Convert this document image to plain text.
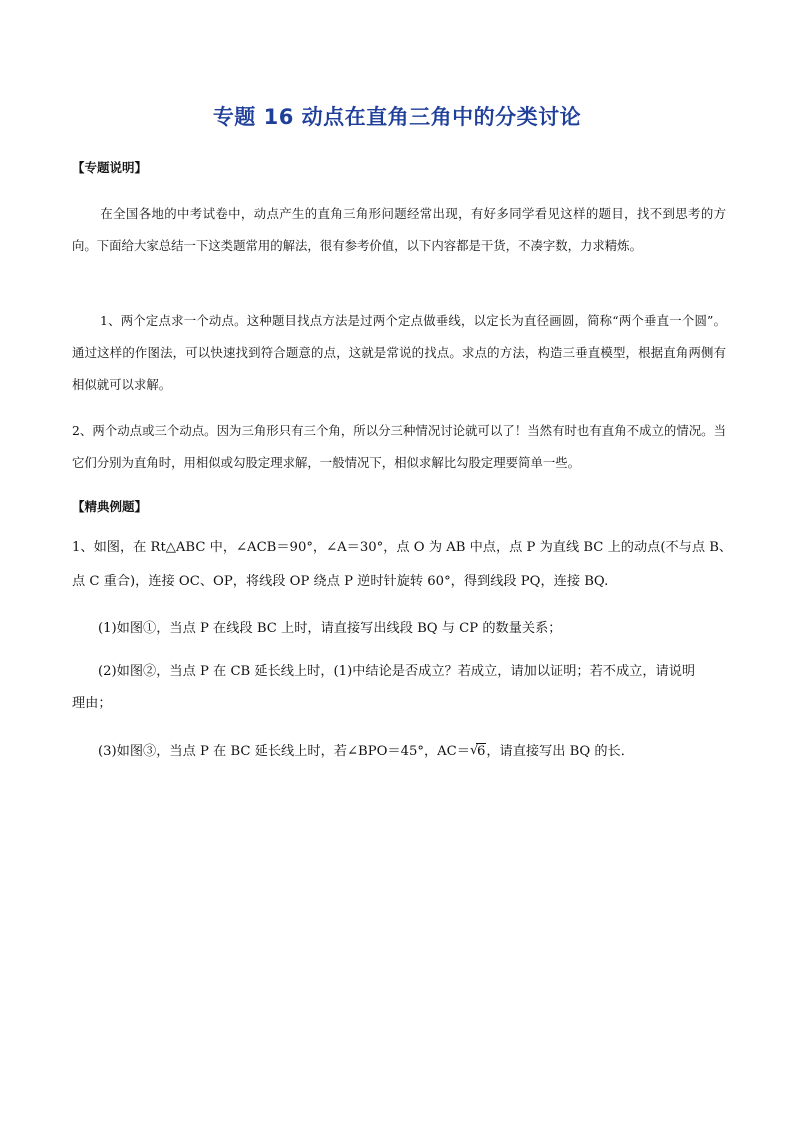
专题 16 动点在直角三角中的分类讨论
【专题说明】
在全国各地的中考试卷中，动点产生的直角三角形问题经常出现，有好多同学看见这样的题目，找不到思考的方向。下面给大家总结一下这类题常用的解法，很有参考价值，以下内容都是干货，不凑字数，力求精炼。
1、两个定点求一个动点。这种题目找点方法是过两个定点做垂线，以定长为直径画圆，简称“两个垂直一个圆”。通过这样的作图法，可以快速找到符合题意的点，这就是常说的找点。求点的方法，构造三垂直模型，根据直角两侧有相似就可以求解。
2、两个动点或三个动点。因为三角形只有三个角，所以分三种情况讨论就可以了！当然有时也有直角不成立的情况。当它们分别为直角时，用相似或勾股定理求解，一般情况下，相似求解比勾股定理要简单一些。
【精典例题】
1、如图，在 Rt△ABC 中，∠ACB＝90°，∠A＝30°，点 O 为 AB 中点，点 P 为直线 BC 上的动点(不与点 B、
点 C 重合)，连接 OC、OP，将线段 OP 绕点 P 逆时针旋转 60°，得到线段 PQ，连接 BQ.
(1)如图①，当点 P 在线段 BC 上时，请直接写出线段 BQ 与 CP 的数量关系；
(2)如图②，当点 P 在 CB 延长线上时，(1)中结论是否成立？若成立，请加以证明；若不成立，请说明
理由；
(3)如图③，当点 P 在 BC 延长线上时，若∠BPO＝45°，AC＝ √
6，请直接写出 BQ 的长．
